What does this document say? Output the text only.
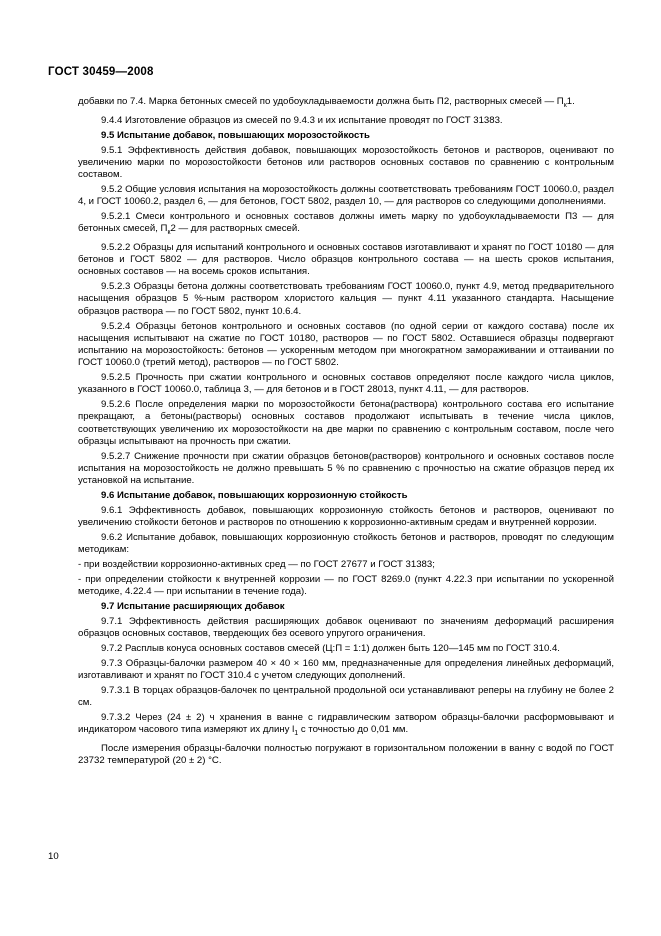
ГОСТ 30459—2008

добавки по 7.4. Марка бетонных смесей по удобоукладываемости должна быть П2, растворных смесей — $П_к1$.

9.4.4 Изготовление образцов из смесей по 9.4.3 и их испытание проводят по ГОСТ 31383.

9.5 Испытание добавок, повышающих морозостойкость

9.5.1 Эффективность действия добавок, повышающих морозостойкость бетонов и растворов, оценивают по увеличению марки по морозостойкости бетонов или растворов основных составов по сравнению с контрольным составом.

9.5.2 Общие условия испытания на морозостойкость должны соответствовать требованиям ГОСТ 10060.0, раздел 4, и ГОСТ 10060.2, раздел 6, — для бетонов, ГОСТ 5802, раздел 10, — для растворов со следующими дополнениями.

9.5.2.1 Смеси контрольного и основных составов должны иметь марку по удобоукладываемости П3 — для бетонных смесей, $П_к2$ — для растворных смесей.

9.5.2.2 Образцы для испытаний контрольного и основных составов изготавливают и хранят по ГОСТ 10180 — для бетонов и ГОСТ 5802 — для растворов. Число образцов контрольного состава — на шесть сроков испытания, основных составов — на восемь сроков испытания.

9.5.2.3 Образцы бетона должны соответствовать требованиям ГОСТ 10060.0, пункт 4.9, метод предварительного насыщения образцов 5 %-ным раствором хлористого кальция — пункт 4.11 указанного стандарта. Насыщение образцов раствора — по ГОСТ 5802, пункт 10.6.4.

9.5.2.4 Образцы бетонов контрольного и основных составов (по одной серии от каждого состава) после их насыщения испытывают на сжатие по ГОСТ 10180, растворов — по ГОСТ 5802. Оставшиеся образцы подвергают испытанию на морозостойкость: бетонов — ускоренным методом при многократном замораживании и оттаивании по ГОСТ 10060.0 (третий метод), растворов — по ГОСТ 5802.

9.5.2.5 Прочность при сжатии контрольного и основных составов определяют после каждого числа циклов, указанного в ГОСТ 10060.0, таблица 3, — для бетонов и в ГОСТ 28013, пункт 4.11, — для растворов.

9.5.2.6 После определения марки по морозостойкости бетона(раствора) контрольного состава его испытание прекращают, а бетоны(растворы) основных составов продолжают испытывать в течение числа циклов, соответствующих увеличению их морозостойкости на две марки по сравнению с контрольным составом, после чего образцы испытывают на прочность при сжатии.

9.5.2.7 Снижение прочности при сжатии образцов бетонов(растворов) контрольного и основных составов после испытания на морозостойкость не должно превышать 5 % по сравнению с прочностью на сжатие образцов перед их установкой на испытание.

9.6 Испытание добавок, повышающих коррозионную стойкость

9.6.1 Эффективность добавок, повышающих коррозионную стойкость бетонов и растворов, оценивают по увеличению стойкости бетонов и растворов по отношению к коррозионно-активным средам и внутренней коррозии.

9.6.2 Испытание добавок, повышающих коррозионную стойкость бетонов и растворов, проводят по следующим методикам:

- при воздействии коррозионно-активных сред — по ГОСТ 27677 и ГОСТ 31383;

- при определении стойкости к внутренней коррозии — по ГОСТ 8269.0 (пункт 4.22.3 при испытании по ускоренной методике, 4.22.4 — при испытании в течение года).

9.7 Испытание расширяющих добавок

9.7.1 Эффективность действия расширяющих добавок оценивают по значениям деформаций расширения образцов основных составов, твердеющих без осевого упругого ограничения.

9.7.2 Расплыв конуса основных составов смесей (Ц:П = 1:1) должен быть 120—145 мм по ГОСТ 310.4.

9.7.3 Образцы-балочки размером 40 × 40 × 160 мм, предназначенные для определения линейных деформаций, изготавливают и хранят по ГОСТ 310.4 с учетом следующих дополнений.

9.7.3.1 В торцах образцов-балочек по центральной продольной оси устанавливают реперы на глубину не более 2 см.

9.7.3.2 Через (24 ± 2) ч хранения в ванне с гидравлическим затвором образцы-балочки расформовывают и индикатором часового типа измеряют их длину $l_1$ с точностью до 0,01 мм.

После измерения образцы-балочки полностью погружают в горизонтальном положении в ванну с водой по ГОСТ 23732 температурой (20 ± 2) °С.

10
